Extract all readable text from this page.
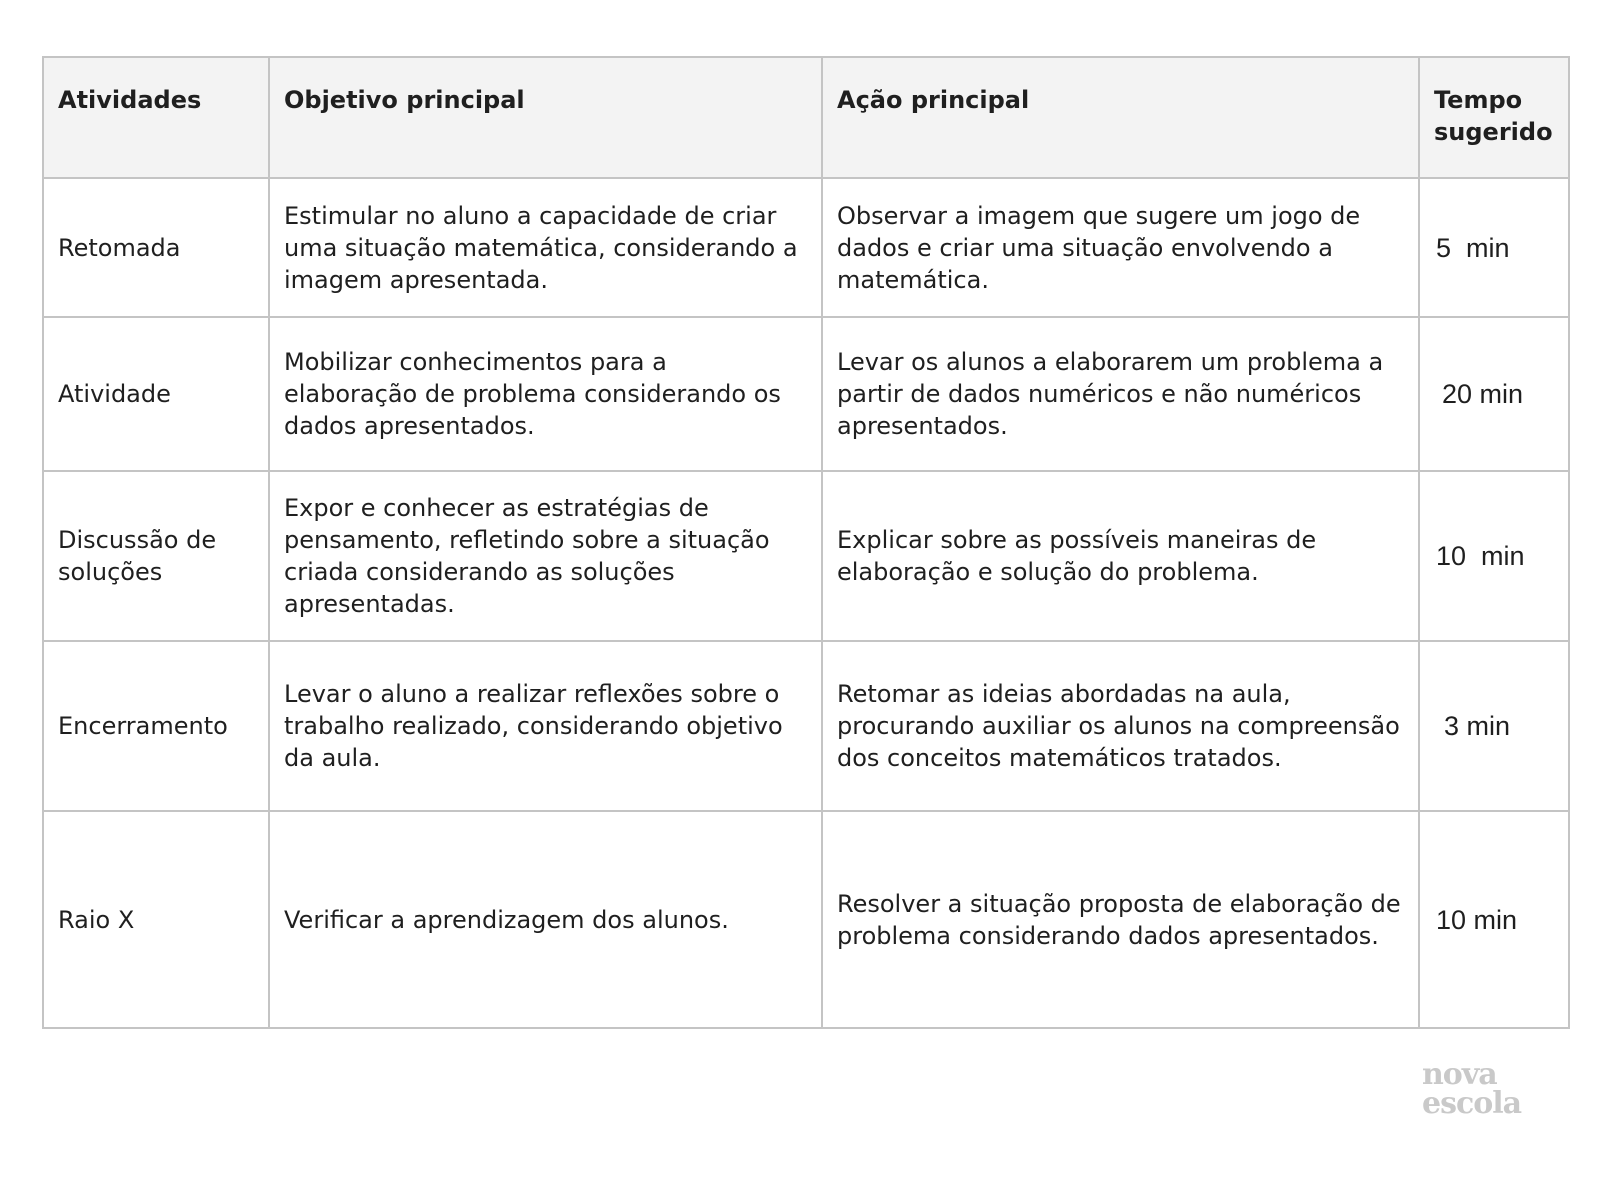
Atividades	Objetivo principal	Ação principal	Tempo sugerido
Retomada	Estimular no aluno a capacidade de criar uma situação matemática, considerando a imagem apresentada.	Observar a imagem que sugere um jogo de dados e criar uma situação envolvendo a matemática.	5  min
Atividade	Mobilizar conhecimentos para a elaboração de problema considerando os dados apresentados.	Levar os alunos a elaborarem um problema a partir de dados numéricos e não numéricos apresentados.	20 min
Discussão de soluções	Expor e conhecer as estratégias de pensamento, refletindo sobre a situação criada considerando as soluções apresentadas.	Explicar sobre as possíveis maneiras de elaboração e solução do problema.	10  min
Encerramento	Levar o aluno a realizar reflexões sobre o trabalho realizado, considerando objetivo da aula.	Retomar as ideias abordadas na aula, procurando auxiliar os alunos na compreensão dos conceitos matemáticos tratados.	3 min
Raio X	Verificar a aprendizagem dos alunos.	Resolver a situação proposta de elaboração de problema considerando dados apresentados.	10 min
nova
escola
